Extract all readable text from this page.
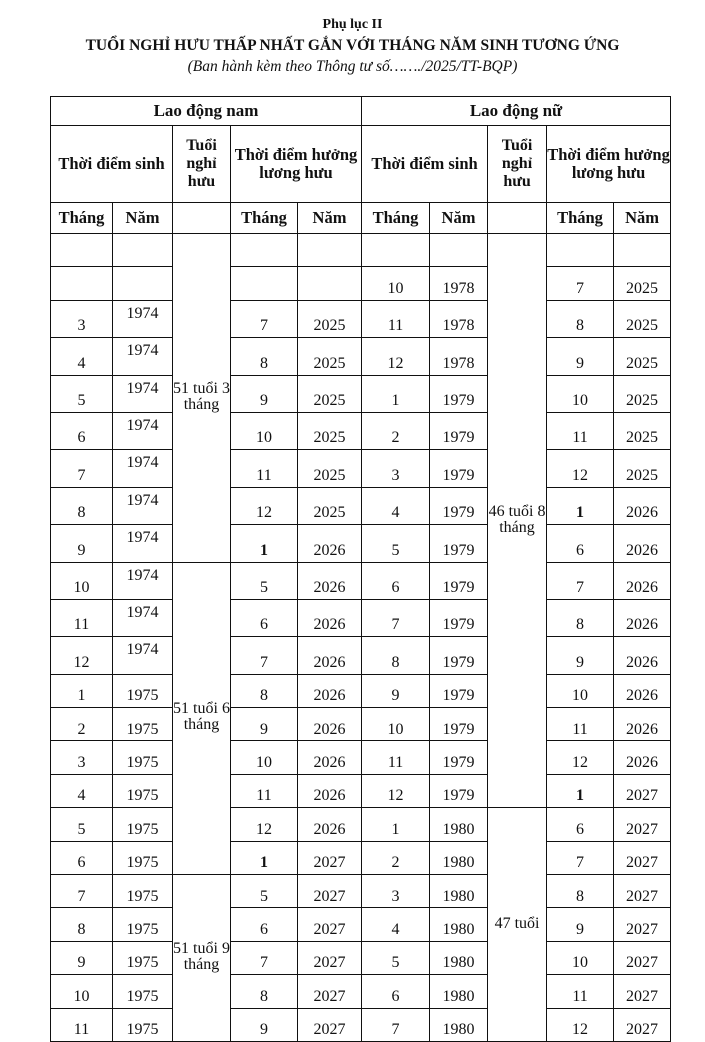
Phụ lục II
TUỔI NGHỈ HƯU THẤP NHẤT GẮN VỚI THÁNG NĂM SINH TƯƠNG ỨNG
(Ban hành kèm theo Thông tư số……./2025/TT-BQP)
Lao động nam					Lao động nữ				
Thời điểm sinh		Tuổi nghỉ hưu	Thời điểm hưởng lương hưu		Thời điểm sinh		Tuổi nghỉ hưu	Thời điểm hưởng lương hưu	
Tháng	Năm		Tháng	Năm	Tháng	Năm		Tháng	Năm
		51 tuổi 3 tháng					46 tuổi 8 tháng		
					10	1978		7	2025
3	1974		7	2025	11	1978		8	2025
4	1974		8	2025	12	1978		9	2025
5	1974		9	2025	1	1979		10	2025
6	1974		10	2025	2	1979		11	2025
7	1974		11	2025	3	1979		12	2025
8	1974		12	2025	4	1979		1	2026
9	1974		1	2026	5	1979		6	2026
10	1974	51 tuổi 6 tháng	5	2026	6	1979		7	2026
11	1974		6	2026	7	1979		8	2026
12	1974		7	2026	8	1979		9	2026
1	1975		8	2026	9	1979		10	2026
2	1975		9	2026	10	1979		11	2026
3	1975		10	2026	11	1979		12	2026
4	1975		11	2026	12	1979		1	2027
5	1975		12	2026	1	1980	47 tuổi	6	2027
6	1975		1	2027	2	1980		7	2027
7	1975	51 tuổi 9 tháng	5	2027	3	1980		8	2027
8	1975		6	2027	4	1980		9	2027
9	1975		7	2027	5	1980		10	2027
10	1975		8	2027	6	1980		11	2027
11	1975		9	2027	7	1980		12	2027
